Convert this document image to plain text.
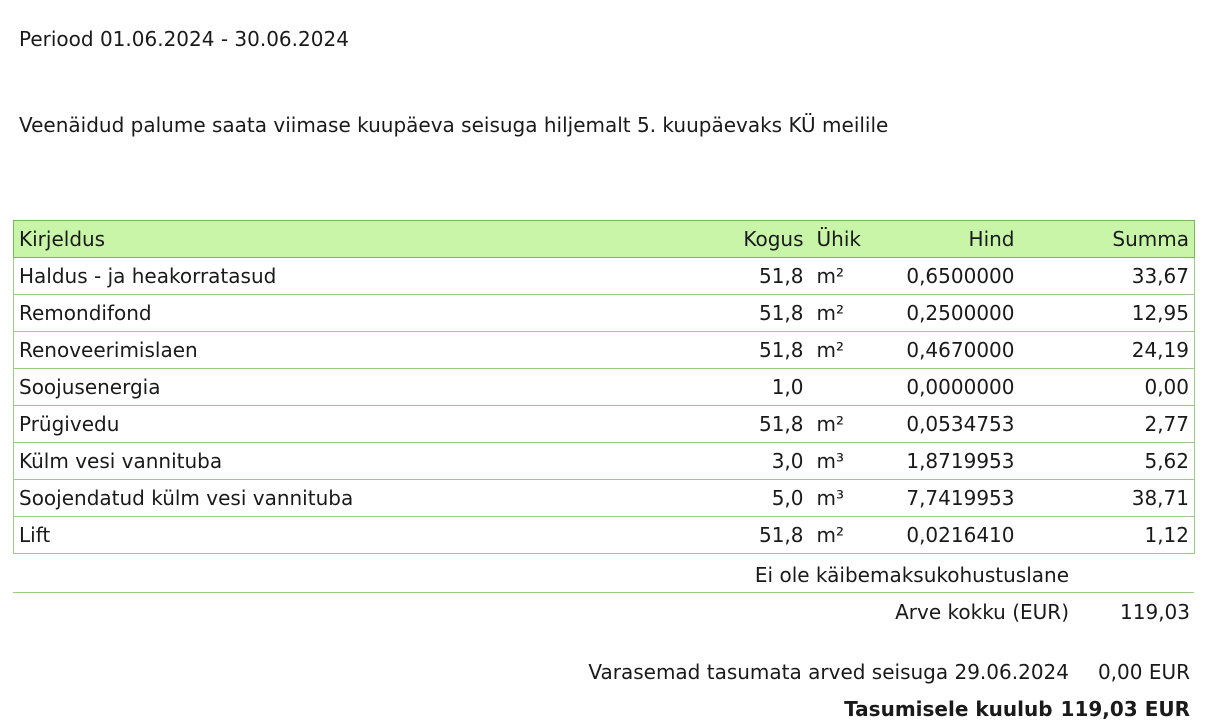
Periood 01.06.2024 - 30.06.2024
Veenäidud palume saata viimase kuupäeva seisuga hiljemalt 5. kuupäevaks KÜ meilile
Kirjeldus	Kogus	Ühik	Hind	Summa
Haldus - ja heakorratasud	51,8	m²	0,6500000	33,67
Remondifond	51,8	m²	0,2500000	12,95
Renoveerimislaen	51,8	m²	0,4670000	24,19
Soojusenergia	1,0		0,0000000	0,00
Prügivedu	51,8	m²	0,0534753	2,77
Külm vesi vannituba	3,0	m³	1,8719953	5,62
Soojendatud külm vesi vannituba	5,0	m³	7,7419953	38,71
Lift	51,8	m²	0,0216410	1,12
Ei ole käibemaksukohustuslane
Arve kokku (EUR)	119,03
Varasemad tasumata arved seisuga 29.06.2024 0,00 EUR
Tasumisele kuulub 119,03 EUR
